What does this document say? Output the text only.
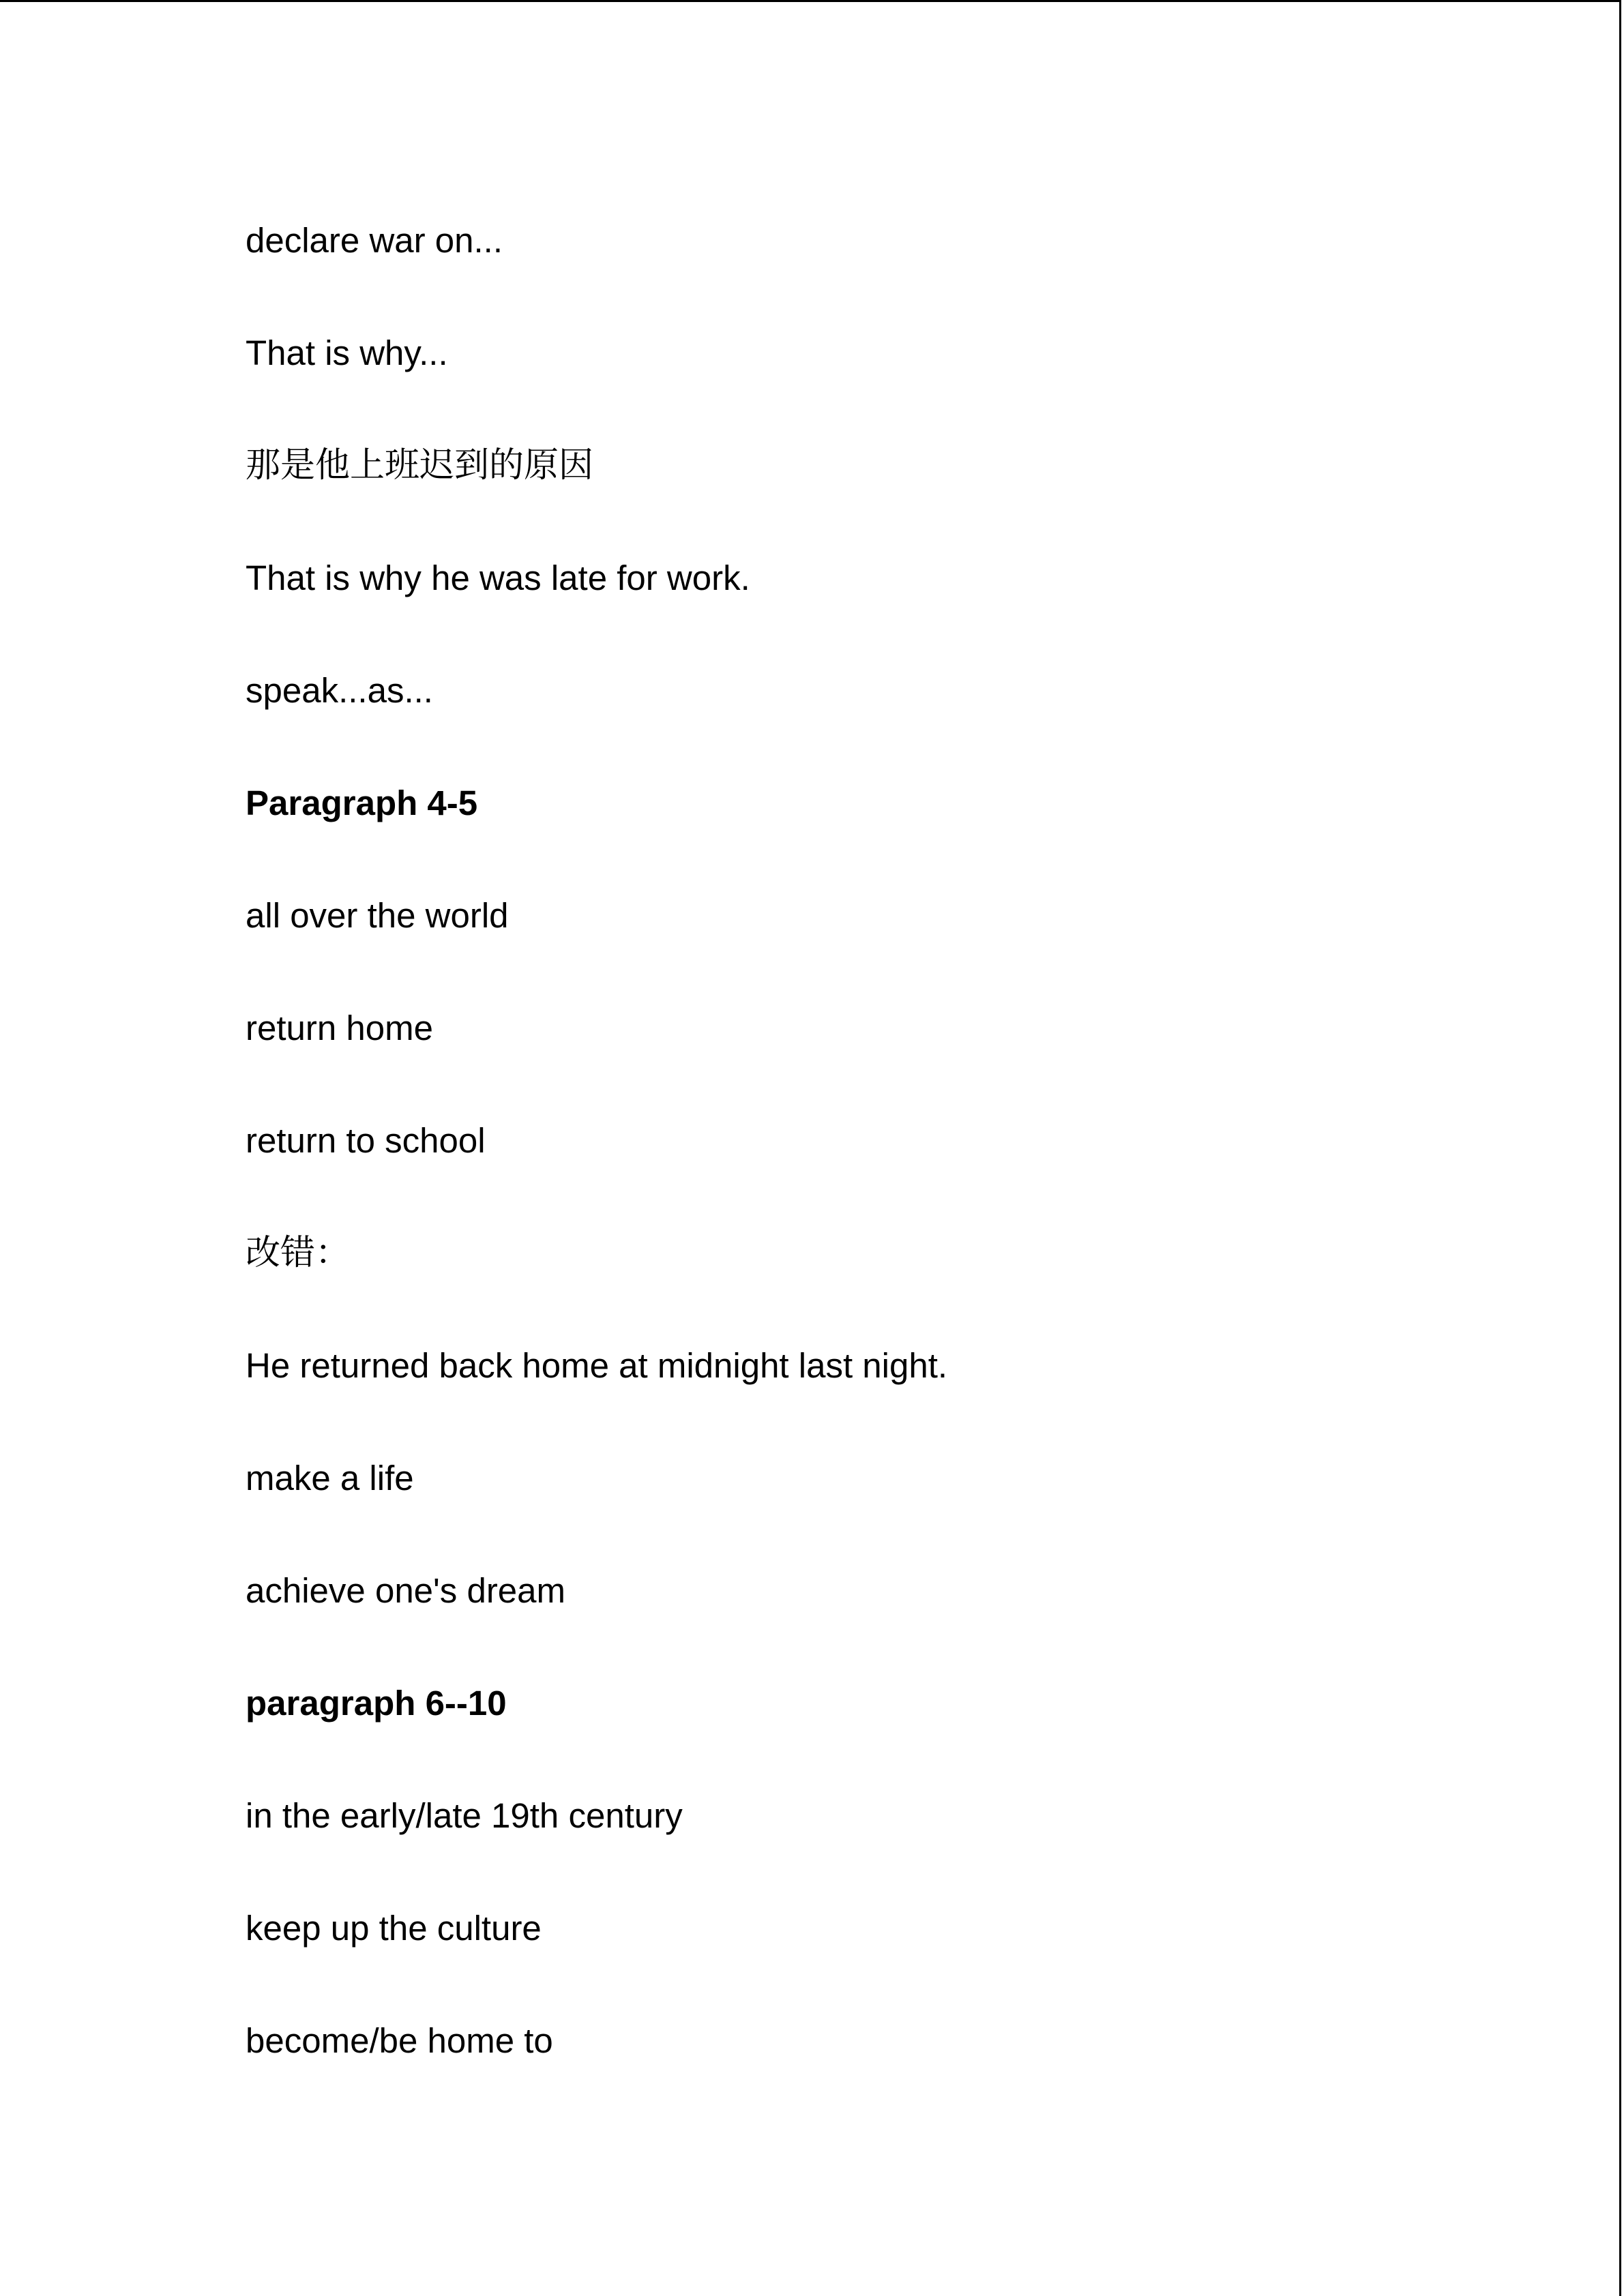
declare war on...
That is why...
那是他上班迟到的原因
That is why he was late for work.
speak...as...
Paragraph 4-5
all over the world
return home
return to school
改错：
He returned back home at midnight last night.
make a life
achieve one's dream
paragraph 6--10
in the early/late 19th century
keep up the culture
become/be home to
